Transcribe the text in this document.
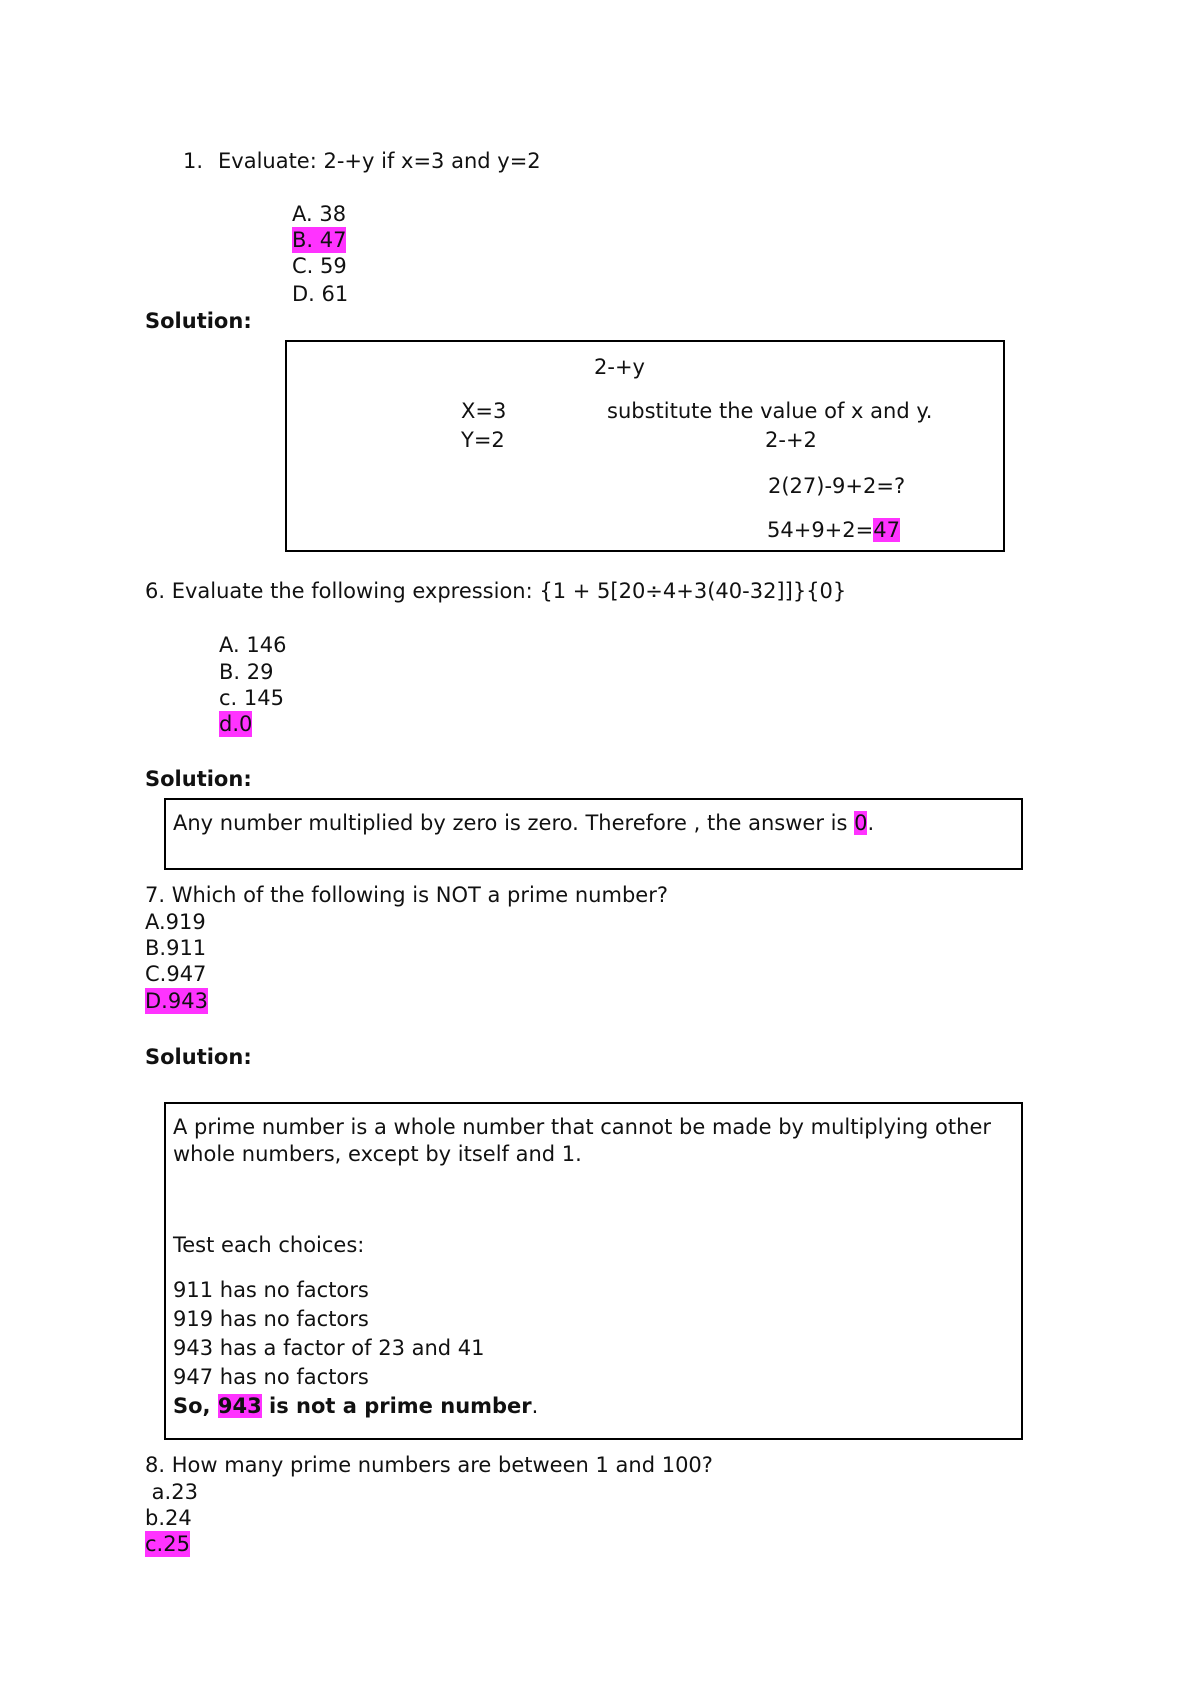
1. Evaluate: 2-+y if x=3 and y=2
A. 38
B. 47
C. 59
D. 61
Solution:
2-+y
X=3	substitute the value of x and y.
Y=2	2-+2
2(27)-9+2=?
54+9+2=47
6. Evaluate the following expression: {1 + 5[20÷4+3(40-32]]}{0}
A. 146
B. 29
c. 145
d.0
Solution:
Any number multiplied by zero is zero. Therefore , the answer is 0.
7. Which of the following is NOT a prime number?
A.919
B.911
C.947
D.943
Solution:
A prime number is a whole number that cannot be made by multiplying other
whole numbers, except by itself and 1.
Test each choices:
911 has no factors
919 has no factors
943 has a factor of 23 and 41
947 has no factors
So, 943 is not a prime number.
8. How many prime numbers are between 1 and 100?
a.23
b.24
c.25
